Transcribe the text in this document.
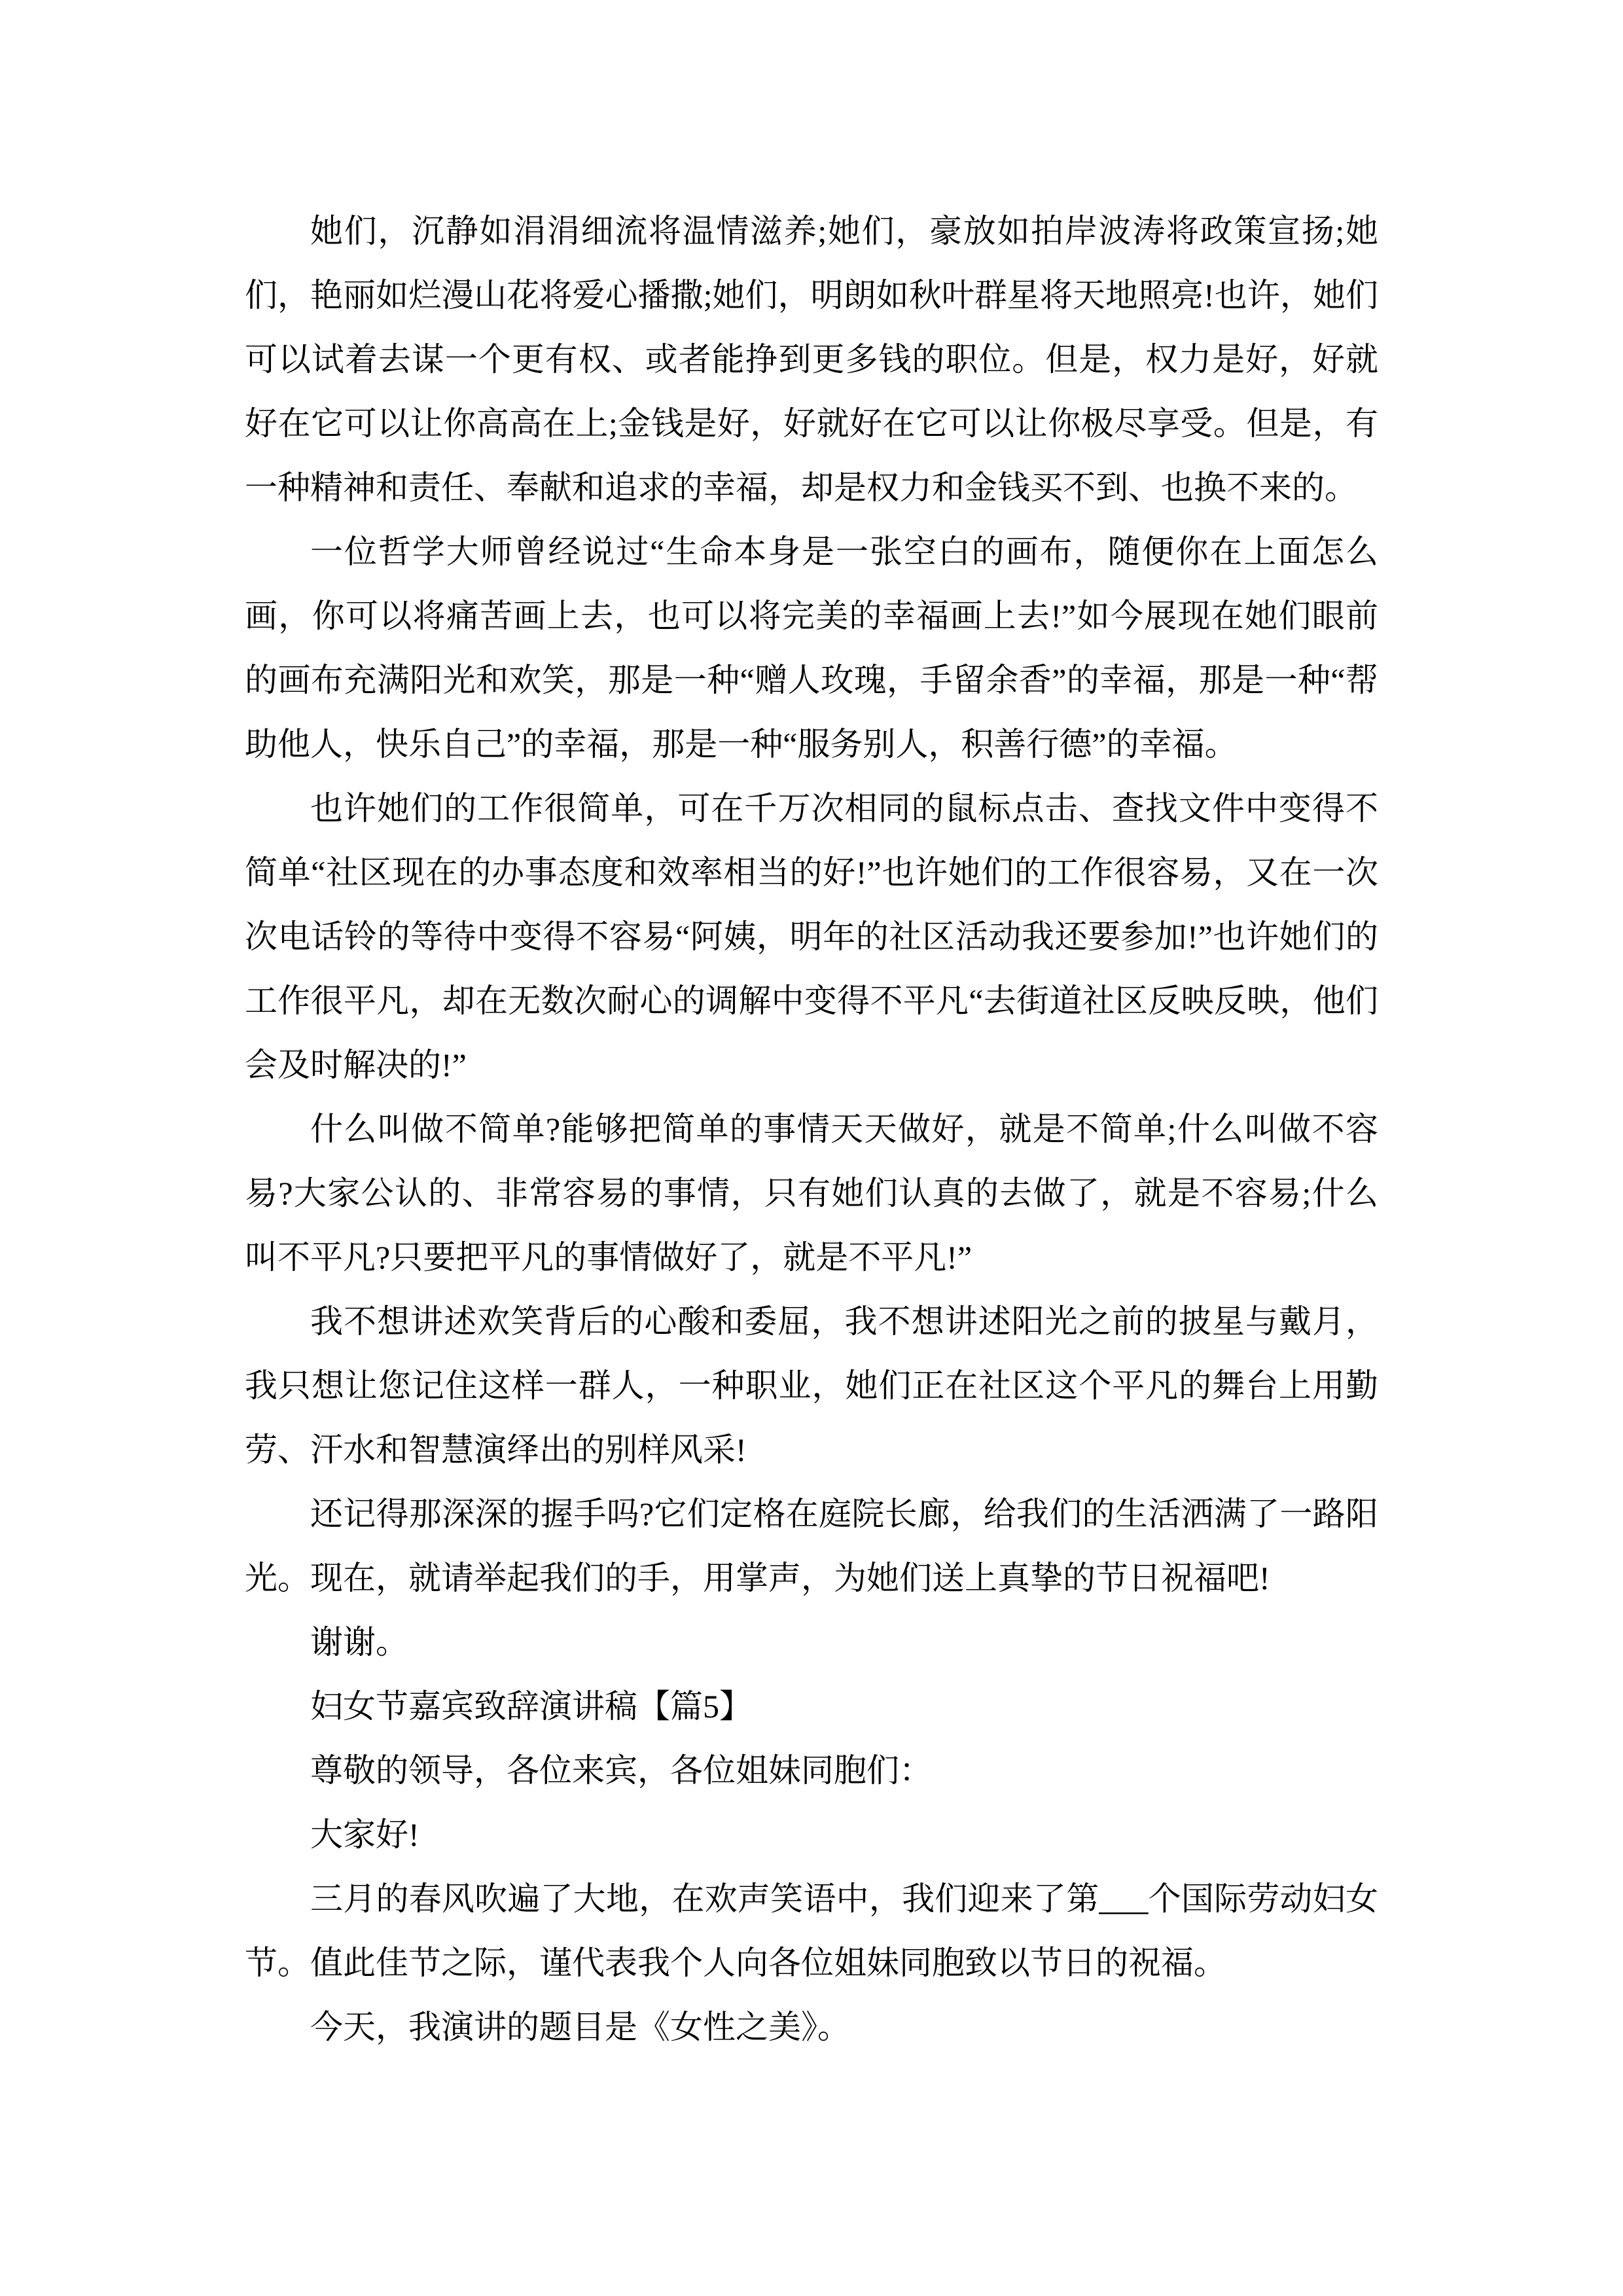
她们，沉静如涓涓细流将温情滋养;她们，豪放如拍岸波涛将政策宣扬;她们，艳丽如烂漫山花将爱心播撒;她们，明朗如秋叶群星将天地照亮!也许，她们可以试着去谋一个更有权、或者能挣到更多钱的职位。但是，权力是好，好就好在它可以让你高高在上;金钱是好，好就好在它可以让你极尽享受。但是，有一种精神和责任、奉献和追求的幸福，却是权力和金钱买不到、也换不来的。

一位哲学大师曾经说过“生命本身是一张空白的画布，随便你在上面怎么画，你可以将痛苦画上去，也可以将完美的幸福画上去!”如今展现在她们眼前的画布充满阳光和欢笑，那是一种“赠人玫瑰，手留余香”的幸福，那是一种“帮助他人，快乐自己”的幸福，那是一种“服务别人，积善行德”的幸福。

也许她们的工作很简单，可在千万次相同的鼠标点击、查找文件中变得不简单“社区现在的办事态度和效率相当的好!”也许她们的工作很容易，又在一次次电话铃的等待中变得不容易“阿姨，明年的社区活动我还要参加!”也许她们的工作很平凡，却在无数次耐心的调解中变得不平凡“去街道社区反映反映，他们会及时解决的!”

什么叫做不简单?能够把简单的事情天天做好，就是不简单;什么叫做不容易?大家公认的、非常容易的事情，只有她们认真的去做了，就是不容易;什么叫不平凡?只要把平凡的事情做好了，就是不平凡!”

我不想讲述欢笑背后的心酸和委屈，我不想讲述阳光之前的披星与戴月，我只想让您记住这样一群人，一种职业，她们正在社区这个平凡的舞台上用勤劳、汗水和智慧演绎出的别样风采!

还记得那深深的握手吗?它们定格在庭院长廊，给我们的生活洒满了一路阳光。现在，就请举起我们的手，用掌声，为她们送上真挚的节日祝福吧!

谢谢。

妇女节嘉宾致辞演讲稿【篇5】

尊敬的领导，各位来宾，各位姐妹同胞们：

大家好!

三月的春风吹遍了大地，在欢声笑语中，我们迎来了第___个国际劳动妇女节。值此佳节之际，谨代表我个人向各位姐妹同胞致以节日的祝福。

今天，我演讲的题目是《女性之美》。
